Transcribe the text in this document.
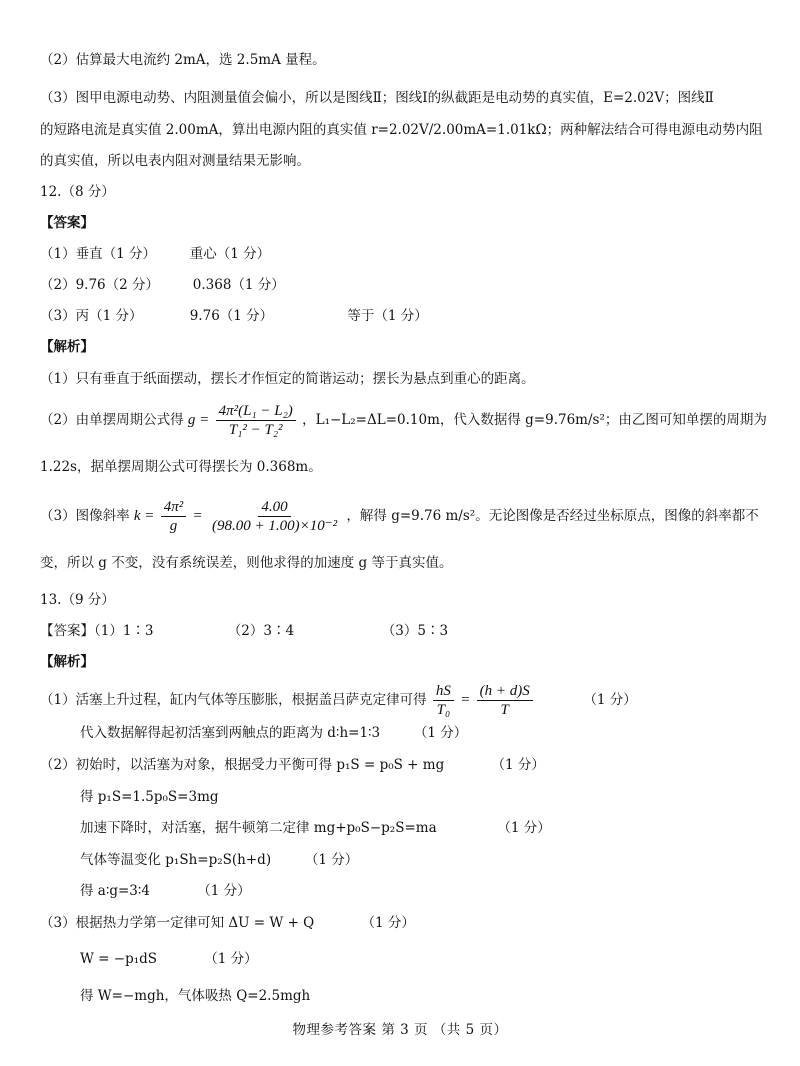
（2）估算最大电流约 2mA，选 2.5mA 量程。
（3）图甲电源电动势、内阻测量值会偏小，所以是图线Ⅱ；图线Ⅰ的纵截距是电动势的真实值，E=2.02V；图线Ⅱ
的短路电流是真实值 2.00mA，算出电源内阻的真实值 r=2.02V/2.00mA=1.01kΩ；两种解法结合可得电源电动势内阻
的真实值，所以电表内阻对测量结果无影响。
12.（8 分）
【答案】
（1）垂直（1 分）　　　重心（1 分）
（2）9.76（2 分）　　　0.368（1 分）
（3）丙（1 分）　　　　9.76（1 分）　　　　　　等于（1 分）
【解析】
（1）只有垂直于纸面摆动，摆长才作恒定的简谐运动；摆长为悬点到重心的距离。
（2）由单摆周期公式得 $g = \frac{\text{4π²(L₁ − L₂)}}{\text{T₁² − T₂²}}$ ，L₁−L₂=ΔL=0.10m，代入数据得 g=9.76m/s²；由乙图可知单摆的周期为
1.22s，据单摆周期公式可得摆长为 0.368m。
（3）图像斜率 $k = \frac{\text{4π²}}{g} = \frac{4.00}{\text{(98.00 + 1.00)×10⁻²}}$ ，解得 g=9.76 m/s²。无论图像是否经过坐标原点，图像的斜率都不
变，所以 g 不变，没有系统误差，则他求得的加速度 g 等于真实值。
13.（9 分）
【答案】（1）1∶3　　　　　　（2）3∶4　　　　　　　（3）5∶3
【解析】
（1）活塞上升过程，缸内气体等压膨胀，根据盖吕萨克定律可得 $\frac{hS}{\text{T₀}} = \frac{(h + d)S}{T}$	（1 分）
代入数据解得起初活塞到两触点的距离为 d∶h=1∶3　　　（1 分）
（2）初始时，以活塞为对象，根据受力平衡可得 p₁S = p₀S + mg　　　　（1 分）
得 p₁S=1.5p₀S=3mg
加速下降时，对活塞，据牛顿第二定律 mg+p₀S−p₂S=ma　　　　　（1 分）
气体等温变化 p₁Sh=p₂S(h+d)　　　（1 分）
得 a∶g=3∶4　　　　（1 分）
（3）根据热力学第一定律可知 ΔU = W + Q　　　　（1 分）
W = −p₁dS　　　　（1 分）
得 W=−mgh，气体吸热 Q=2.5mgh
物理参考答案 第 3 页 （共 5 页）
